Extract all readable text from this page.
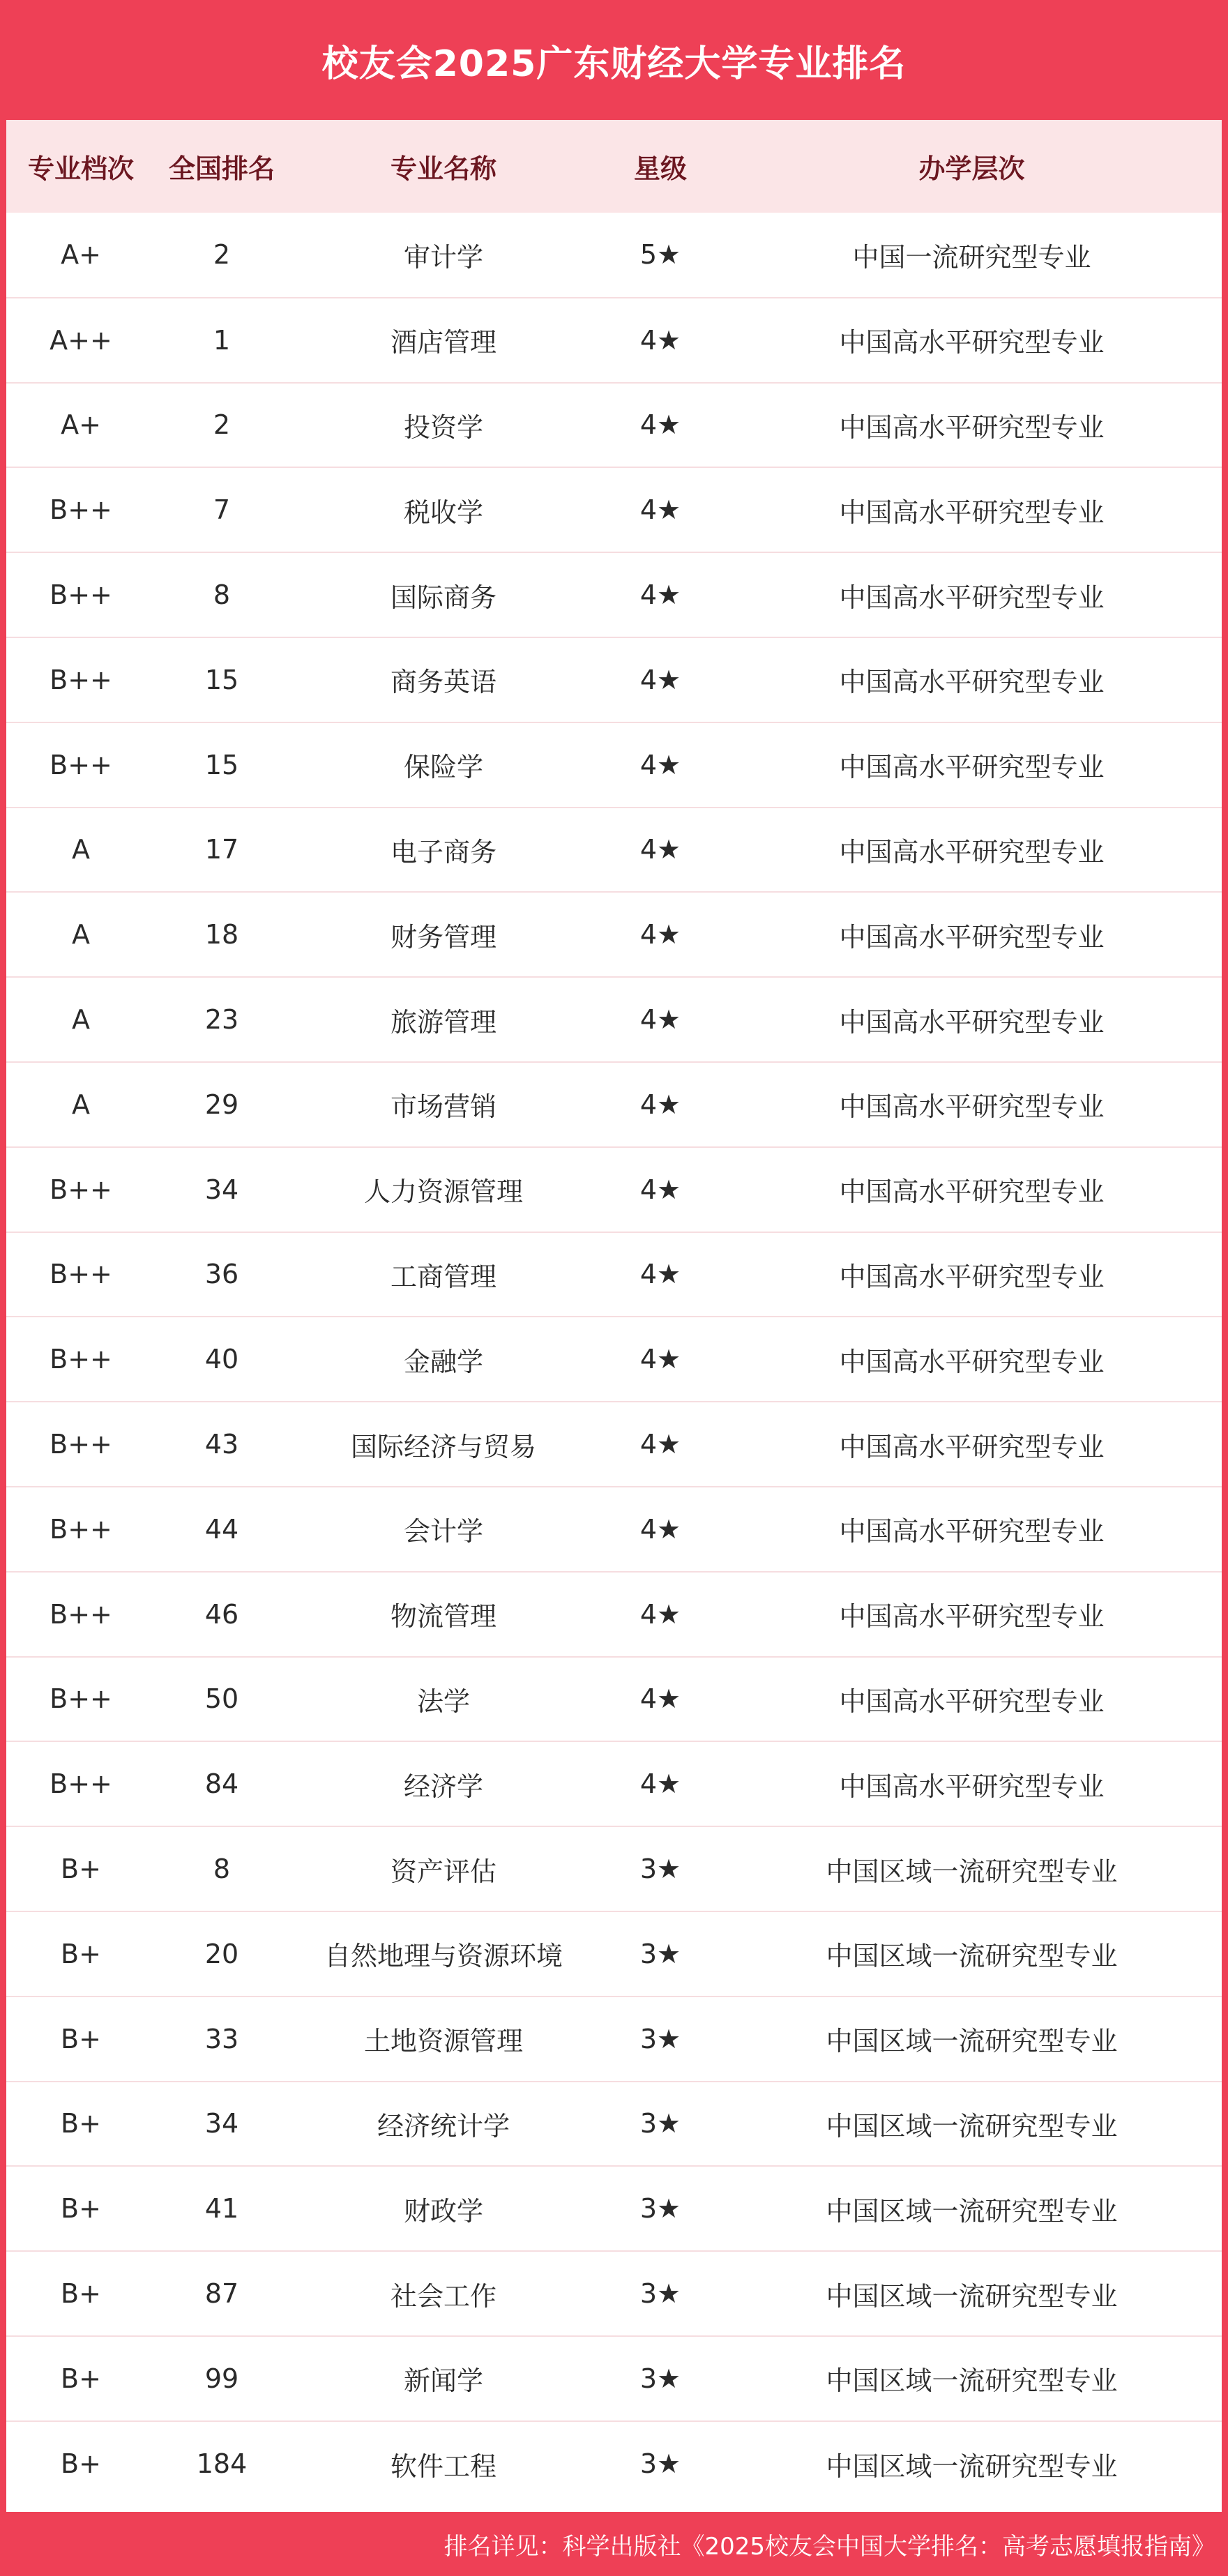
校友会2025广东财经大学专业排名
专业档次	全国排名	专业名称	星级	办学层次
A+	2	审计学	5★	中国一流研究型专业
A++	1	酒店管理	4★	中国高水平研究型专业
A+	2	投资学	4★	中国高水平研究型专业
B++	7	税收学	4★	中国高水平研究型专业
B++	8	国际商务	4★	中国高水平研究型专业
B++	15	商务英语	4★	中国高水平研究型专业
B++	15	保险学	4★	中国高水平研究型专业
A	17	电子商务	4★	中国高水平研究型专业
A	18	财务管理	4★	中国高水平研究型专业
A	23	旅游管理	4★	中国高水平研究型专业
A	29	市场营销	4★	中国高水平研究型专业
B++	34	人力资源管理	4★	中国高水平研究型专业
B++	36	工商管理	4★	中国高水平研究型专业
B++	40	金融学	4★	中国高水平研究型专业
B++	43	国际经济与贸易	4★	中国高水平研究型专业
B++	44	会计学	4★	中国高水平研究型专业
B++	46	物流管理	4★	中国高水平研究型专业
B++	50	法学	4★	中国高水平研究型专业
B++	84	经济学	4★	中国高水平研究型专业
B+	8	资产评估	3★	中国区域一流研究型专业
B+	20	自然地理与资源环境	3★	中国区域一流研究型专业
B+	33	土地资源管理	3★	中国区域一流研究型专业
B+	34	经济统计学	3★	中国区域一流研究型专业
B+	41	财政学	3★	中国区域一流研究型专业
B+	87	社会工作	3★	中国区域一流研究型专业
B+	99	新闻学	3★	中国区域一流研究型专业
B+	184	软件工程	3★	中国区域一流研究型专业
排名详见：科学出版社《2025校友会中国大学排名：高考志愿填报指南》
